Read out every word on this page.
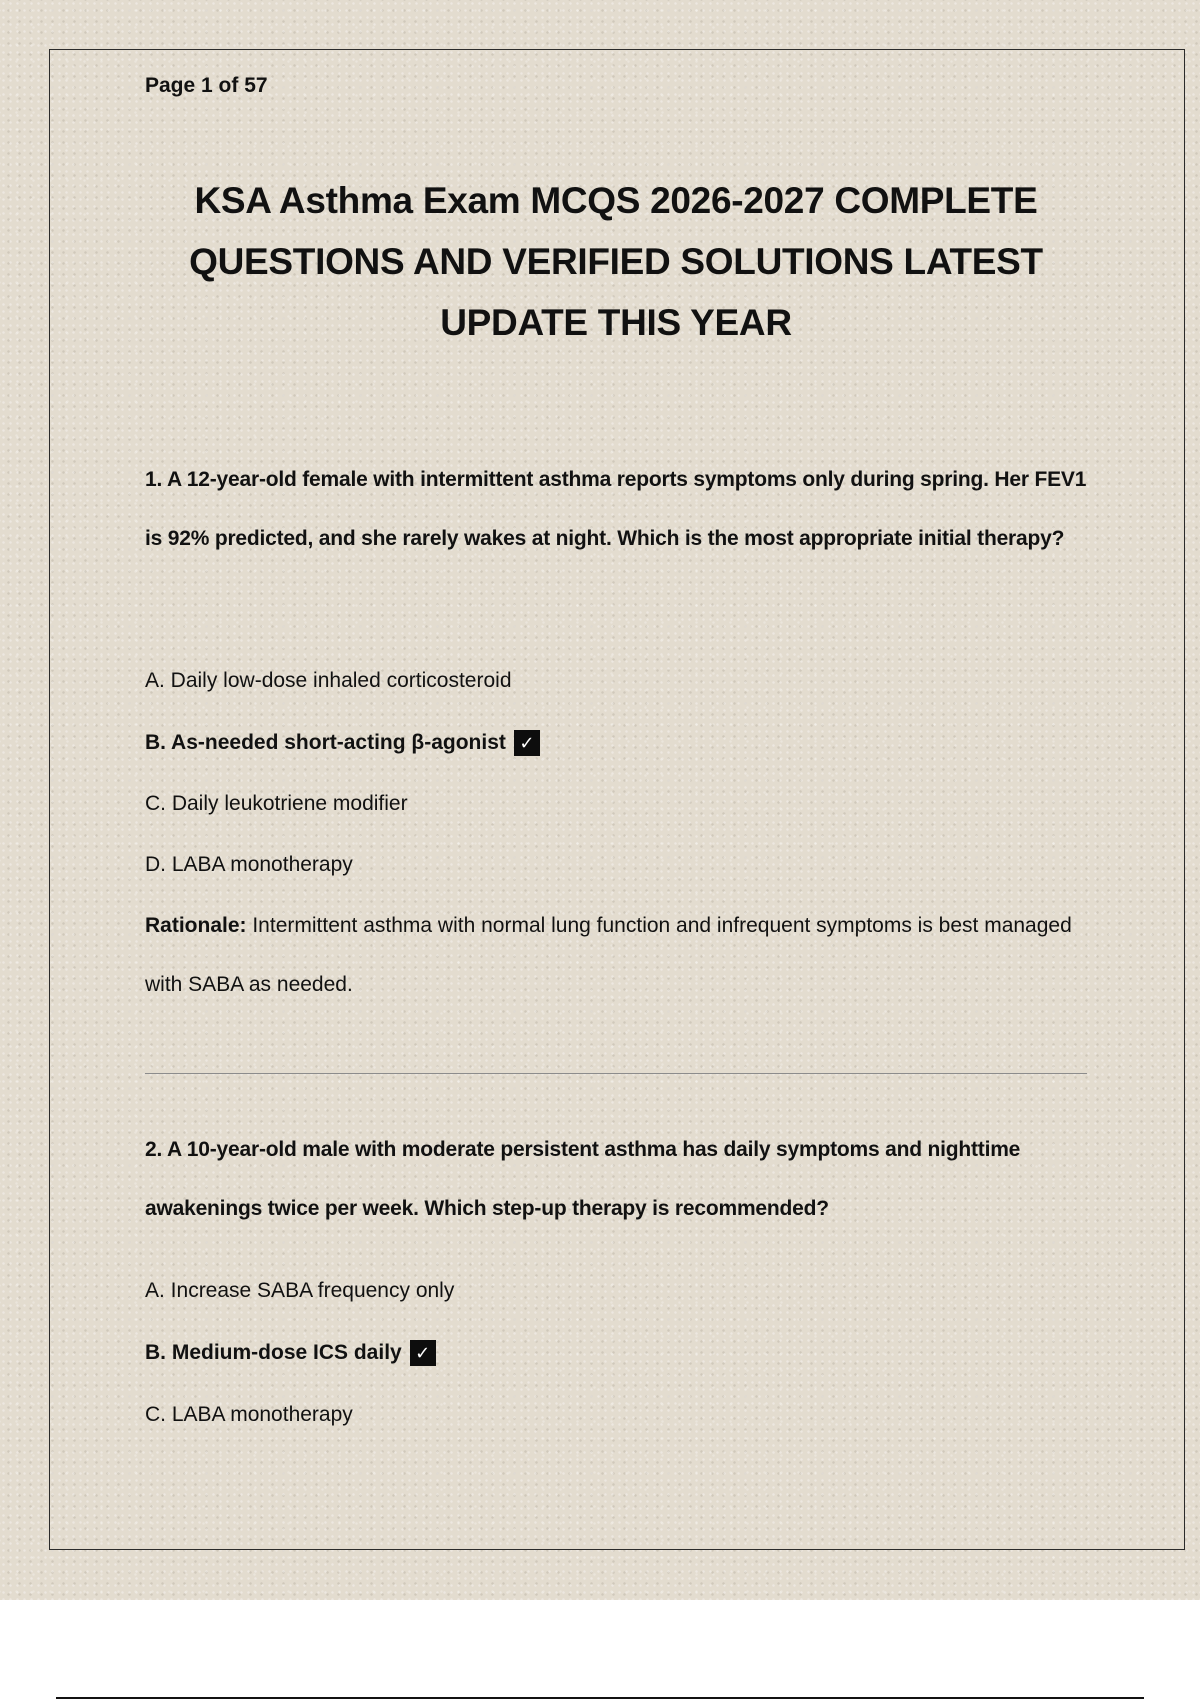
Page 1 of 57
KSA Asthma Exam MCQS 2026-2027 COMPLETE QUESTIONS AND VERIFIED SOLUTIONS LATEST UPDATE THIS YEAR
1. A 12-year-old female with intermittent asthma reports symptoms only during spring. Her FEV1 is 92% predicted, and she rarely wakes at night. Which is the most appropriate initial therapy?
A. Daily low-dose inhaled corticosteroid
B. As-needed short-acting β-agonist ✓
C. Daily leukotriene modifier
D. LABA monotherapy
Rationale: Intermittent asthma with normal lung function and infrequent symptoms is best managed with SABA as needed.
2. A 10-year-old male with moderate persistent asthma has daily symptoms and nighttime awakenings twice per week. Which step-up therapy is recommended?
A. Increase SABA frequency only
B. Medium-dose ICS daily ✓
C. LABA monotherapy
